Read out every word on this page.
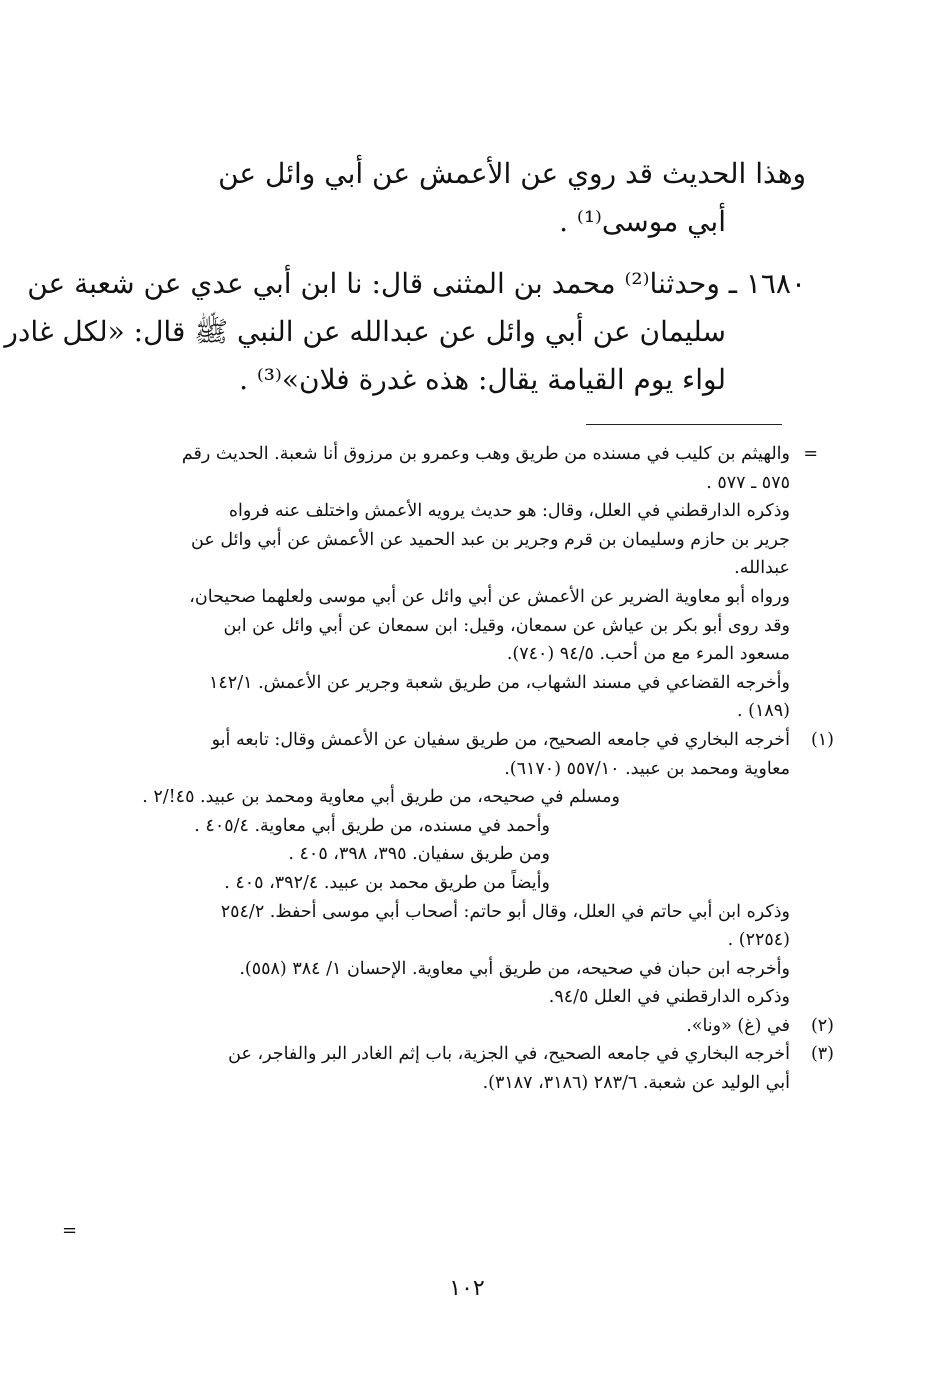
وهذا الحديث قد روي عن الأعمش عن أبي وائل عن
أبي موسى⁽¹⁾ .
١٦٨٠ ـ وحدثنا⁽²⁾ محمد بن المثنى قال: نا ابن أبي عدي عن شعبة عن
سليمان عن أبي وائل عن عبدالله عن النبي ﷺ قال: «لكل غادر
لواء يوم القيامة يقال: هذه غدرة فلان»⁽³⁾ .
=
والهيثم بن كليب في مسنده من طريق وهب وعمرو بن مرزوق أنا شعبة. الحديث رقم
٥٧٥ ـ ٥٧٧ .
وذكره الدارقطني في العلل، وقال: هو حديث يرويه الأعمش واختلف عنه فرواه
جرير بن حازم وسليمان بن قرم وجرير بن عبد الحميد عن الأعمش عن أبي وائل عن
عبدالله.
ورواه أبو معاوية الضرير عن الأعمش عن أبي وائل عن أبي موسى ولعلهما صحيحان،
وقد روى أبو بكر بن عياش عن سمعان، وقيل: ابن سمعان عن أبي وائل عن ابن
مسعود المرء مع من أحب. ٩٤/٥ (٧٤٠).
وأخرجه القضاعي في مسند الشهاب، من طريق شعبة وجرير عن الأعمش. ١٤٢/١
(١٨٩) .
(١)
أخرجه البخاري في جامعه الصحيح، من طريق سفيان عن الأعمش وقال: تابعه أبو
معاوية ومحمد بن عبيد. ٥٥٧/١٠ (٦١٧٠).
ومسلم في صحيحه، من طريق أبي معاوية ومحمد بن عبيد. ٤٥!/٢ .
وأحمد في مسنده، من طريق أبي معاوية. ٤٠٥/٤ .
ومن طريق سفيان. ٣٩٥، ٣٩٨، ٤٠٥ .
وأيضاً من طريق محمد بن عبيد. ٣٩٢/٤، ٤٠٥ .
وذكره ابن أبي حاتم في العلل، وقال أبو حاتم: أصحاب أبي موسى أحفظ. ٢٥٤/٢
(٢٢٥٤) .
وأخرجه ابن حبان في صحيحه، من طريق أبي معاوية. الإحسان ١/ ٣٨٤ (٥٥٨).
وذكره الدارقطني في العلل ٩٤/٥.
(٢)
في (غ) «ونا».
(٣)
أخرجه البخاري في جامعه الصحيح، في الجزية، باب إثم الغادر البر والفاجر، عن
أبي الوليد عن شعبة. ٢٨٣/٦ (٣١٨٦، ٣١٨٧).
=
١٠٢
